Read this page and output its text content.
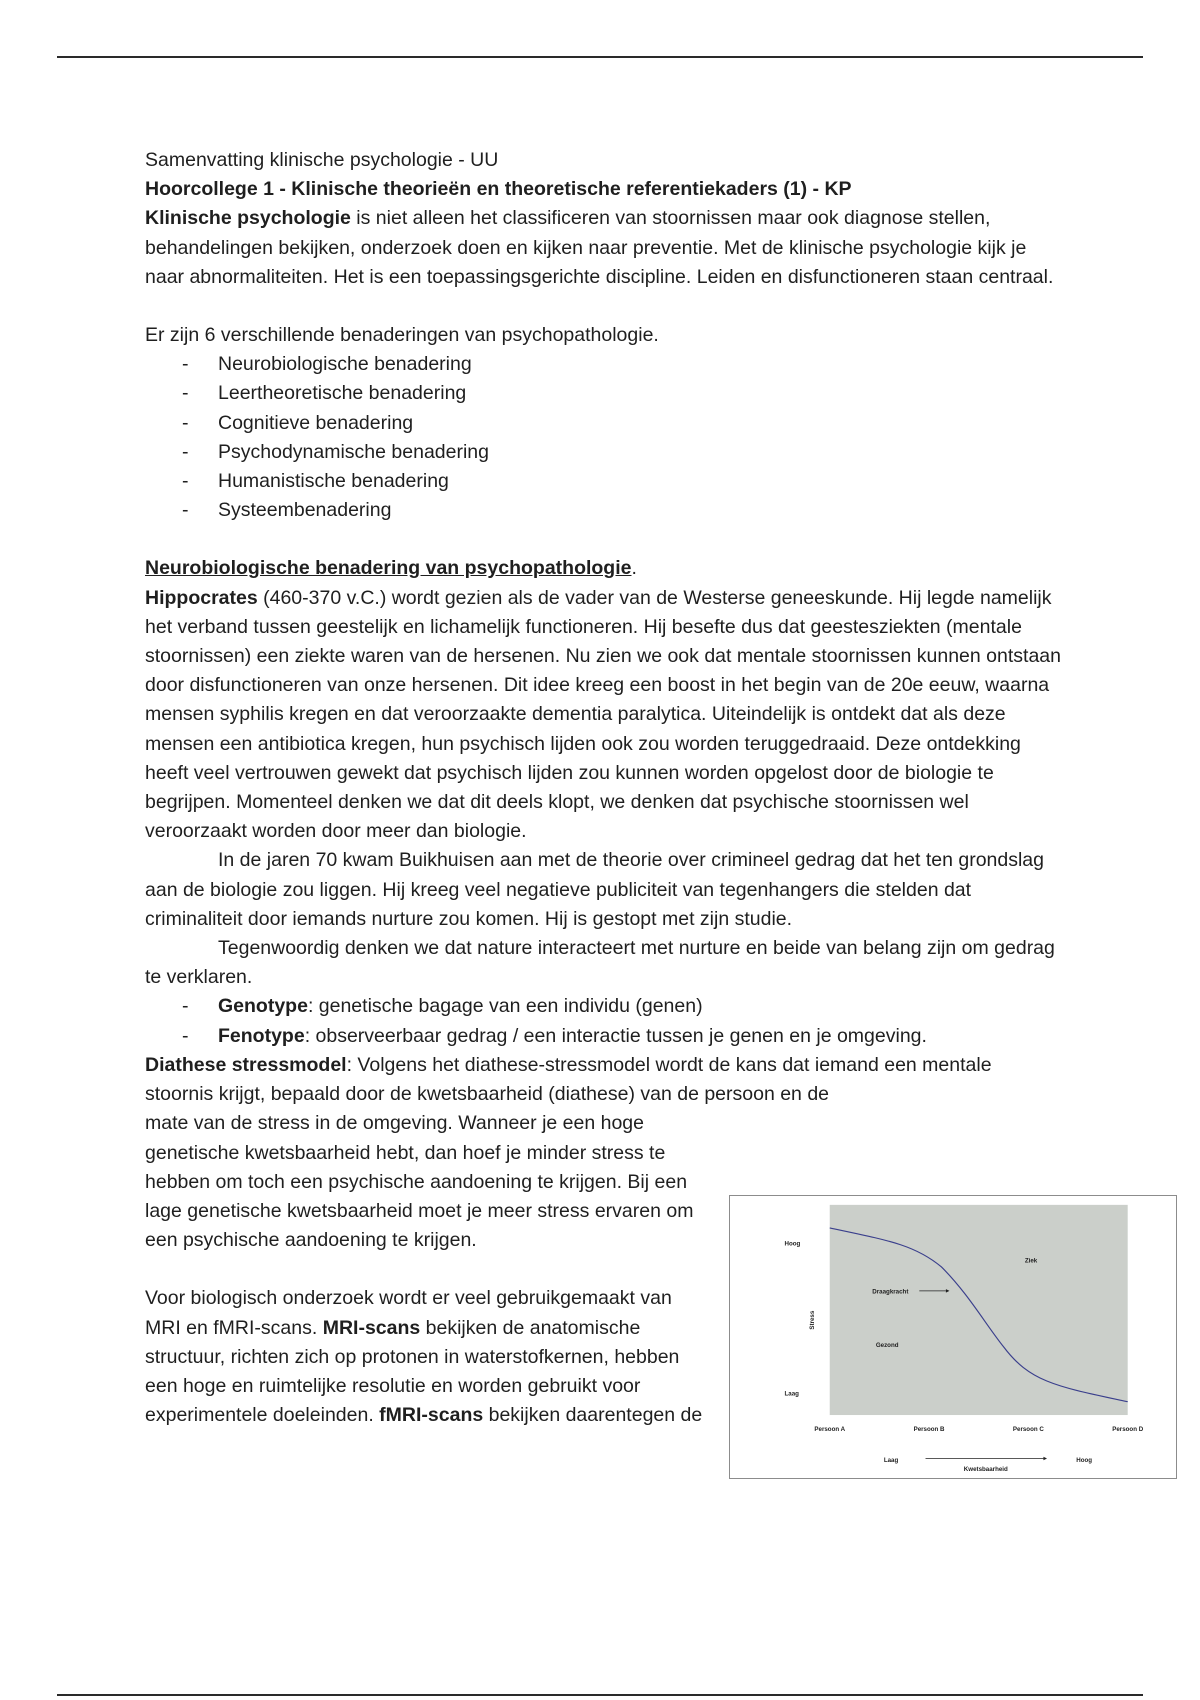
Samenvatting klinische psychologie - UU

Hoorcollege 1 - Klinische theorieën en theoretische referentiekaders (1) - KP

Klinische psychologie is niet alleen het classificeren van stoornissen maar ook diagnose stellen, behandelingen bekijken, onderzoek doen en kijken naar preventie. Met de klinische psychologie kijk je naar abnormaliteiten. Het is een toepassingsgerichte discipline. Leiden en disfunctioneren staan centraal.

Er zijn 6 verschillende benaderingen van psychopathologie.

- Neurobiologische benadering
- Leertheoretische benadering
- Cognitieve benadering
- Psychodynamische benadering
- Humanistische benadering
- Systeembenadering

Neurobiologische benadering van psychopathologie.

Hippocrates (460-370 v.C.) wordt gezien als de vader van de Westerse geneeskunde. Hij legde namelijk het verband tussen geestelijk en lichamelijk functioneren. Hij besefte dus dat geestesziekten (mentale stoornissen) een ziekte waren van de hersenen. Nu zien we ook dat mentale stoornissen kunnen ontstaan door disfunctioneren van onze hersenen. Dit idee kreeg een boost in het begin van de 20e eeuw, waarna mensen syphilis kregen en dat veroorzaakte dementia paralytica. Uiteindelijk is ontdekt dat als deze mensen een antibiotica kregen, hun psychisch lijden ook zou worden teruggedraaid. Deze ontdekking heeft veel vertrouwen gewekt dat psychisch lijden zou kunnen worden opgelost door de biologie te begrijpen. Momenteel denken we dat dit deels klopt, we denken dat psychische stoornissen wel veroorzaakt worden door meer dan biologie.

In de jaren 70 kwam Buikhuisen aan met de theorie over crimineel gedrag dat het ten grondslag aan de biologie zou liggen. Hij kreeg veel negatieve publiciteit van tegenhangers die stelden dat criminaliteit door iemands nurture zou komen. Hij is gestopt met zijn studie.

Tegenwoordig denken we dat nature interacteert met nurture en beide van belang zijn om gedrag te verklaren.

- Genotype: genetische bagage van een individu (genen)
- Fenotype: observeerbaar gedrag / een interactie tussen je genen en je omgeving.

Diathese stressmodel: Volgens het diathese-stressmodel wordt de kans dat iemand een mentale stoornis krijgt, bepaald door de kwetsbaarheid (diathese) van de persoon en de

mate van de stress in de omgeving. Wanneer je een hoge genetische kwetsbaarheid hebt, dan hoef je minder stress te hebben om toch een psychische aandoening te krijgen. Bij een lage genetische kwetsbaarheid moet je meer stress ervaren om een psychische aandoening te krijgen.

Voor biologisch onderzoek wordt er veel gebruikgemaakt van MRI en fMRI-scans. MRI-scans bekijken de anatomische structuur, richten zich op protonen in waterstofkernen, hebben een hoge en ruimtelijke resolutie en worden gebruikt voor experimentele doeleinden. fMRI-scans bekijken daarentegen de

Hoog
Laag
Stress
Ziek
Draagkracht
Gezond
Persoon A	Persoon B	Persoon C	Persoon D
Laag
Kwetsbaarheid
Hoog
